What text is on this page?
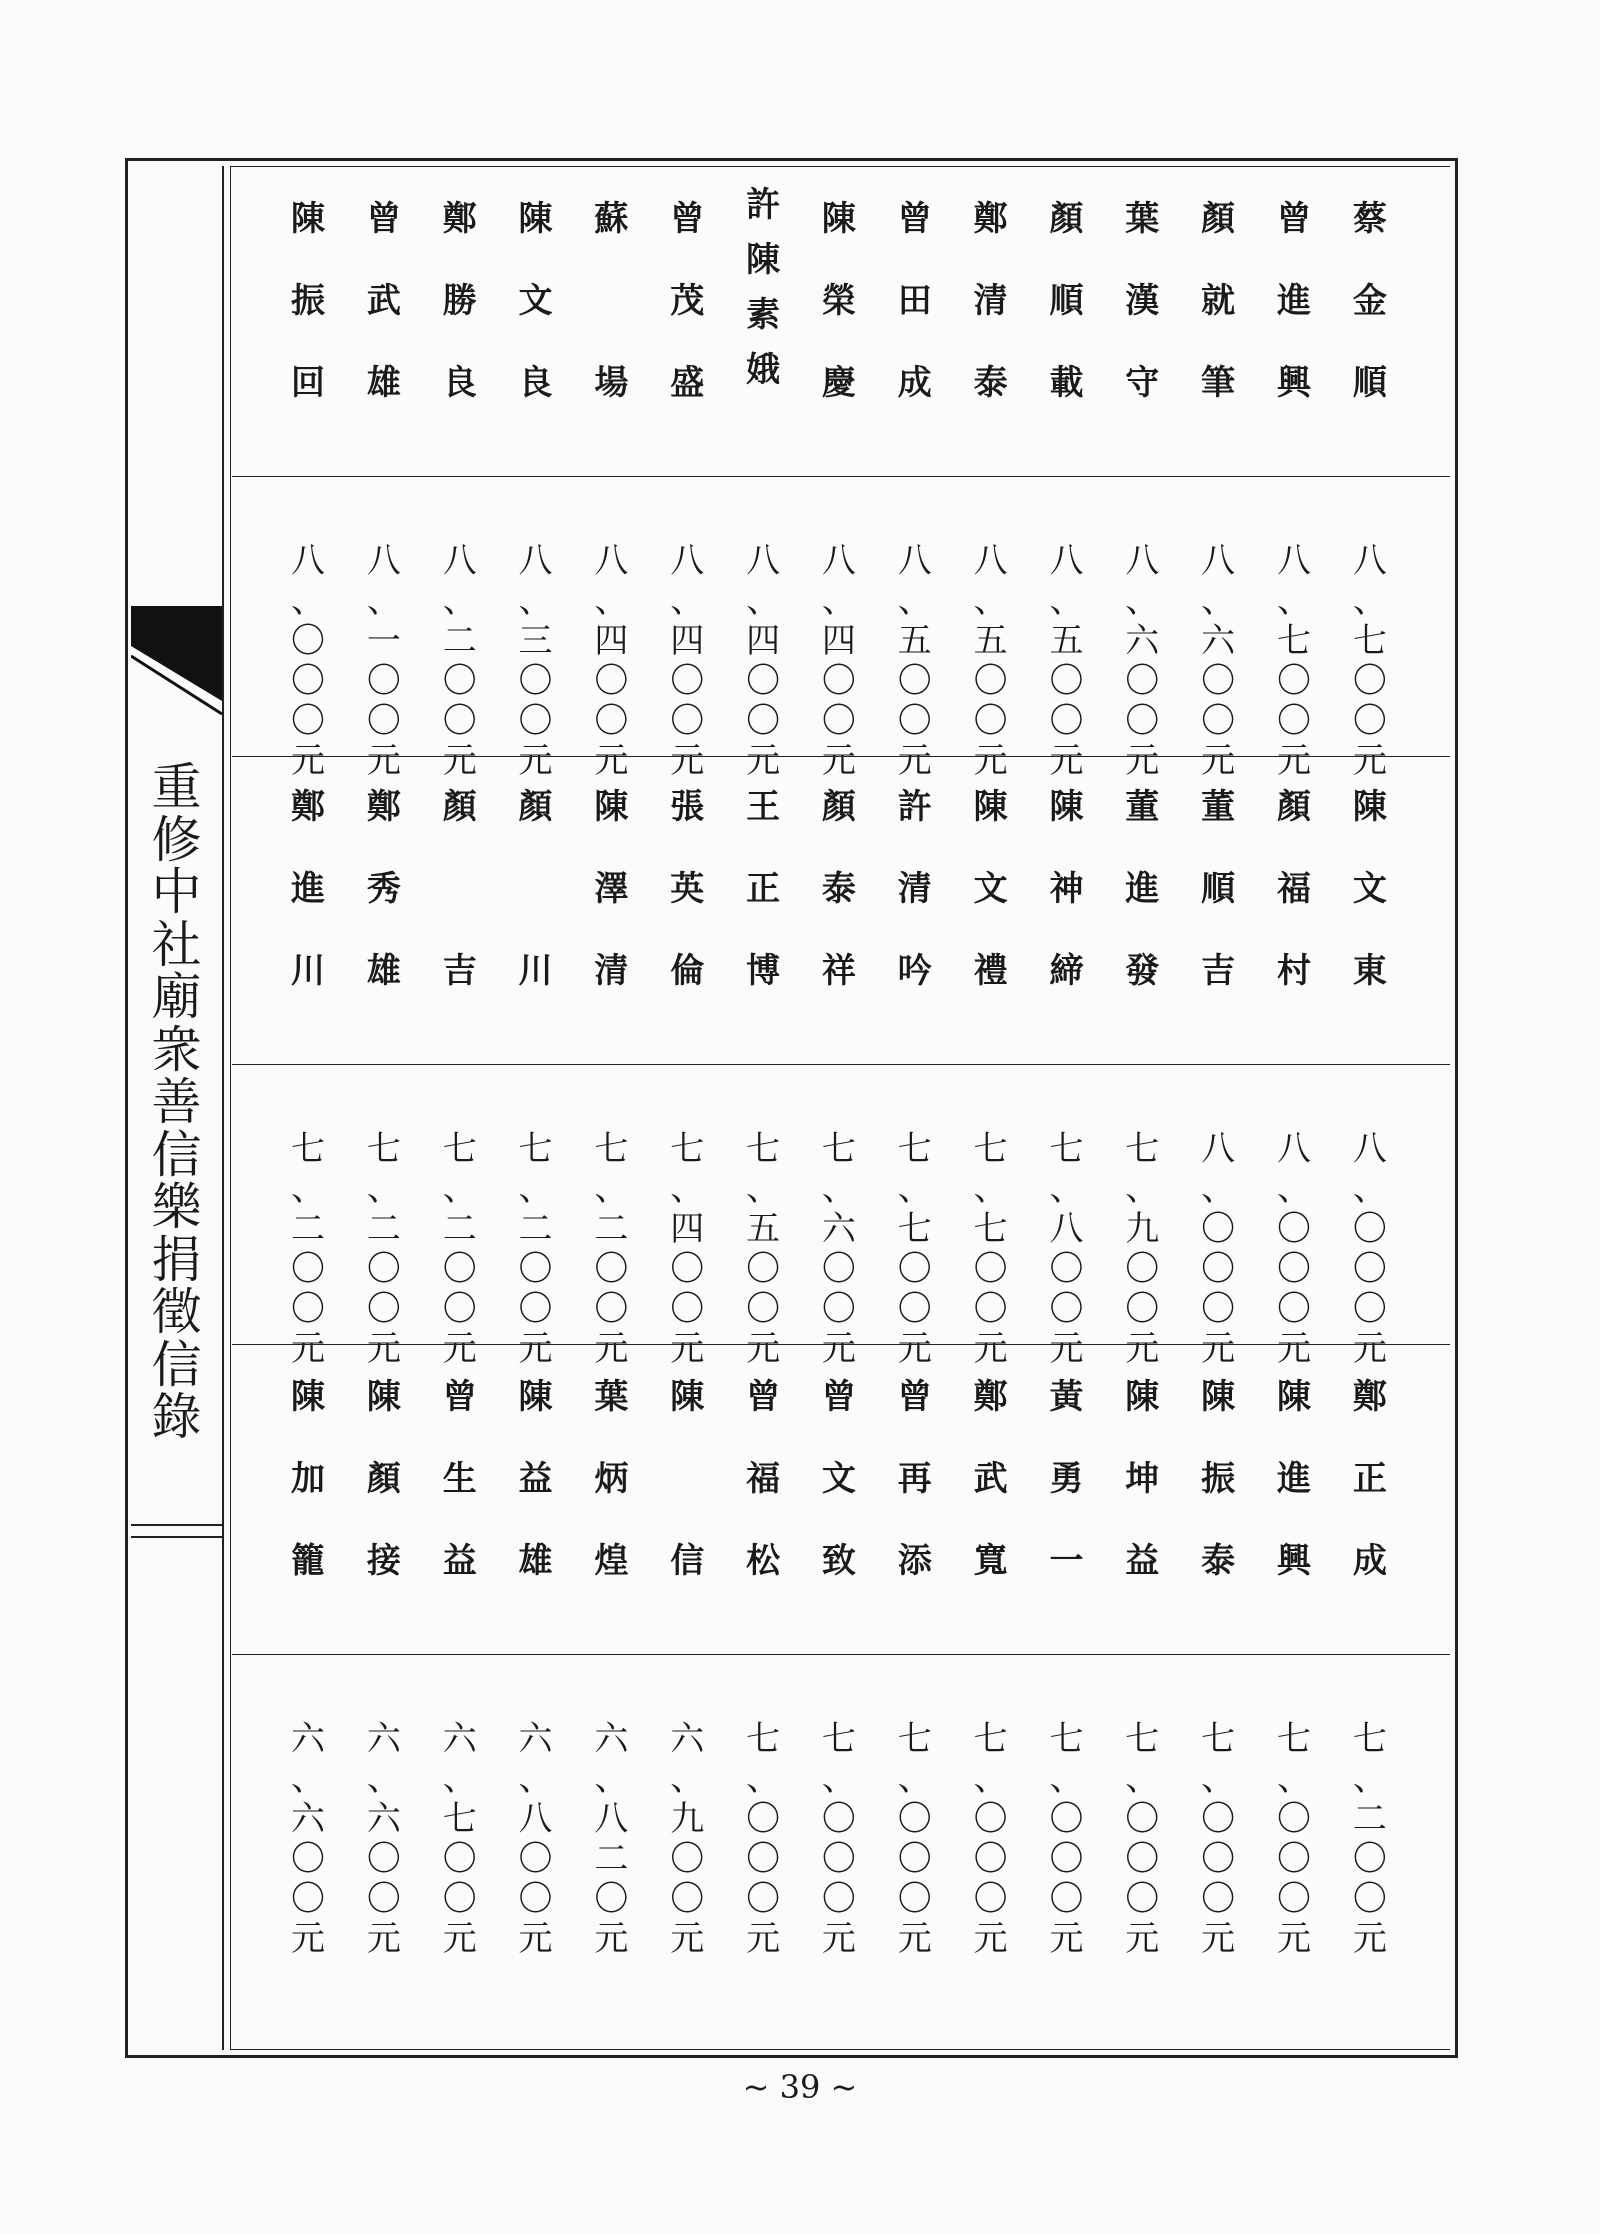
重
修
中
社
廟
衆
善
信
樂
捐
徵
信
錄
蔡
金
順
曾
進
興
顏
就
筆
葉
漢
守
顏
順
載
鄭
清
泰
曾
田
成
陳
榮
慶
許
陳
素
娥
曾
茂
盛
蘇
場
陳
文
良
鄭
勝
良
曾
武
雄
陳
振
回
八
、
七
〇
〇
元
八
、
七
〇
〇
元
八
、
六
〇
〇
元
八
、
六
〇
〇
元
八
、
五
〇
〇
元
八
、
五
〇
〇
元
八
、
五
〇
〇
元
八
、
四
〇
〇
元
八
、
四
〇
〇
元
八
、
四
〇
〇
元
八
、
四
〇
〇
元
八
、
三
〇
〇
元
八
、
二
〇
〇
元
八
、
一
〇
〇
元
八
、
〇
〇
〇
元
陳
文
東
顏
福
村
董
順
吉
董
進
發
陳
神
締
陳
文
禮
許
清
吟
顏
泰
祥
王
正
博
張
英
倫
陳
澤
清
顏
川
顏
吉
鄭
秀
雄
鄭
進
川
八
、
〇
〇
〇
元
八
、
〇
〇
〇
元
八
、
〇
〇
〇
元
七
、
九
〇
〇
元
七
、
八
〇
〇
元
七
、
七
〇
〇
元
七
、
七
〇
〇
元
七
、
六
〇
〇
元
七
、
五
〇
〇
元
七
、
四
〇
〇
元
七
、
二
〇
〇
元
七
、
二
〇
〇
元
七
、
二
〇
〇
元
七
、
二
〇
〇
元
七
、
二
〇
〇
元
鄭
正
成
陳
進
興
陳
振
泰
陳
坤
益
黃
勇
一
鄭
武
寬
曾
再
添
曾
文
致
曾
福
松
陳
信
葉
炳
煌
陳
益
雄
曾
生
益
陳
顏
接
陳
加
籠
七
、
二
〇
〇
元
七
、
〇
〇
〇
元
七
、
〇
〇
〇
元
七
、
〇
〇
〇
元
七
、
〇
〇
〇
元
七
、
〇
〇
〇
元
七
、
〇
〇
〇
元
七
、
〇
〇
〇
元
七
、
〇
〇
〇
元
六
、
九
〇
〇
元
六
、
八
二
〇
元
六
、
八
〇
〇
元
六
、
七
〇
〇
元
六
、
六
〇
〇
元
六
、
六
〇
〇
元
~ 39 ~
